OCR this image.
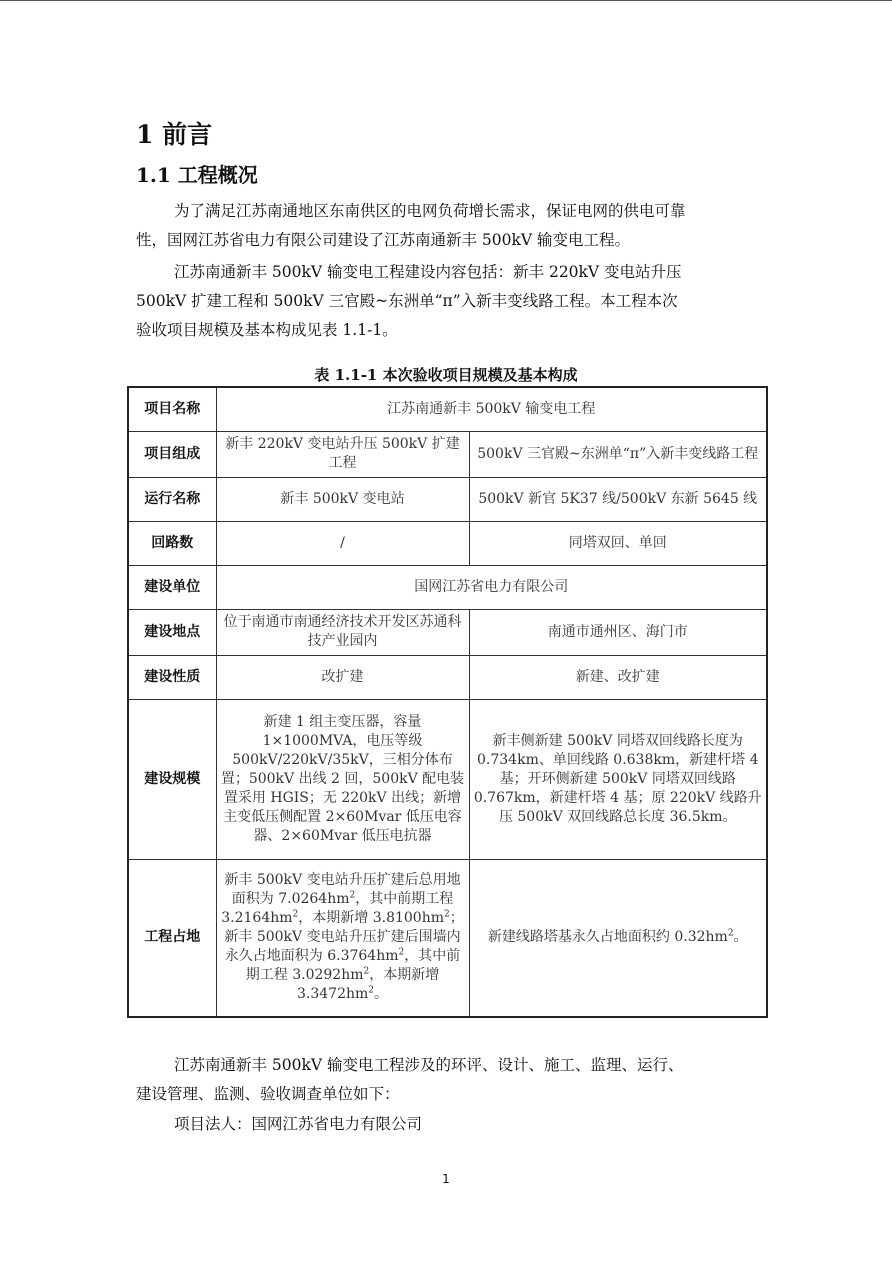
1 前言
1.1 工程概况
为了满足江苏南通地区东南供区的电网负荷增长需求，保证电网的供电可靠
性，国网江苏省电力有限公司建设了江苏南通新丰 500kV 输变电工程。
江苏南通新丰 500kV 输变电工程建设内容包括：新丰 220kV 变电站升压
500kV 扩建工程和 500kV 三官殿~东洲单“π”入新丰变线路工程。本工程本次
验收项目规模及基本构成见表 1.1-1。
表 1.1-1 本次验收项目规模及基本构成
项目名称	江苏南通新丰 500kV 输变电工程	
项目组成	新丰 220kV 变电站升压 500kV 扩建工程	500kV 三官殿~东洲单“π”入新丰变线路工程
运行名称	新丰 500kV 变电站	500kV 新官 5K37 线/500kV 东新 5645 线
回路数	/	同塔双回、单回
建设单位	国网江苏省电力有限公司	
建设地点	位于南通市南通经济技术开发区苏通科技产业园内	南通市通州区、海门市
建设性质	改扩建	新建、改扩建
建设规模	新建 1 组主变压器，容量 1×1000MVA，电压等级 500kV/220kV/35kV，三相分体布置；500kV 出线 2 回，500kV 配电装置采用 HGIS；无 220kV 出线；新增主变低压侧配置 2×60Mvar 低压电容器、2×60Mvar 低压电抗器	新丰侧新建 500kV 同塔双回线路长度为 0.734km、单回线路 0.638km，新建杆塔 4 基；开环侧新建 500kV 同塔双回线路 0.767km，新建杆塔 4 基；原 220kV 线路升压 500kV 双回线路总长度 36.5km。
工程占地	新丰 500kV 变电站升压扩建后总用地面积为 $7.0264hm^2$，其中前期工程 $3.2164hm^2$，本期新增 $3.8100hm^2$；新丰 500kV 变电站升压扩建后围墙内永久占地面积为 $6.3764hm^2$，其中前期工程 $3.0292hm^2$，本期新增 $3.3472hm^2$。	新建线路塔基永久占地面积约 $0.32hm^2$。
江苏南通新丰 500kV 输变电工程涉及的环评、设计、施工、监理、运行、
建设管理、监测、验收调查单位如下：
项目法人：国网江苏省电力有限公司
1
